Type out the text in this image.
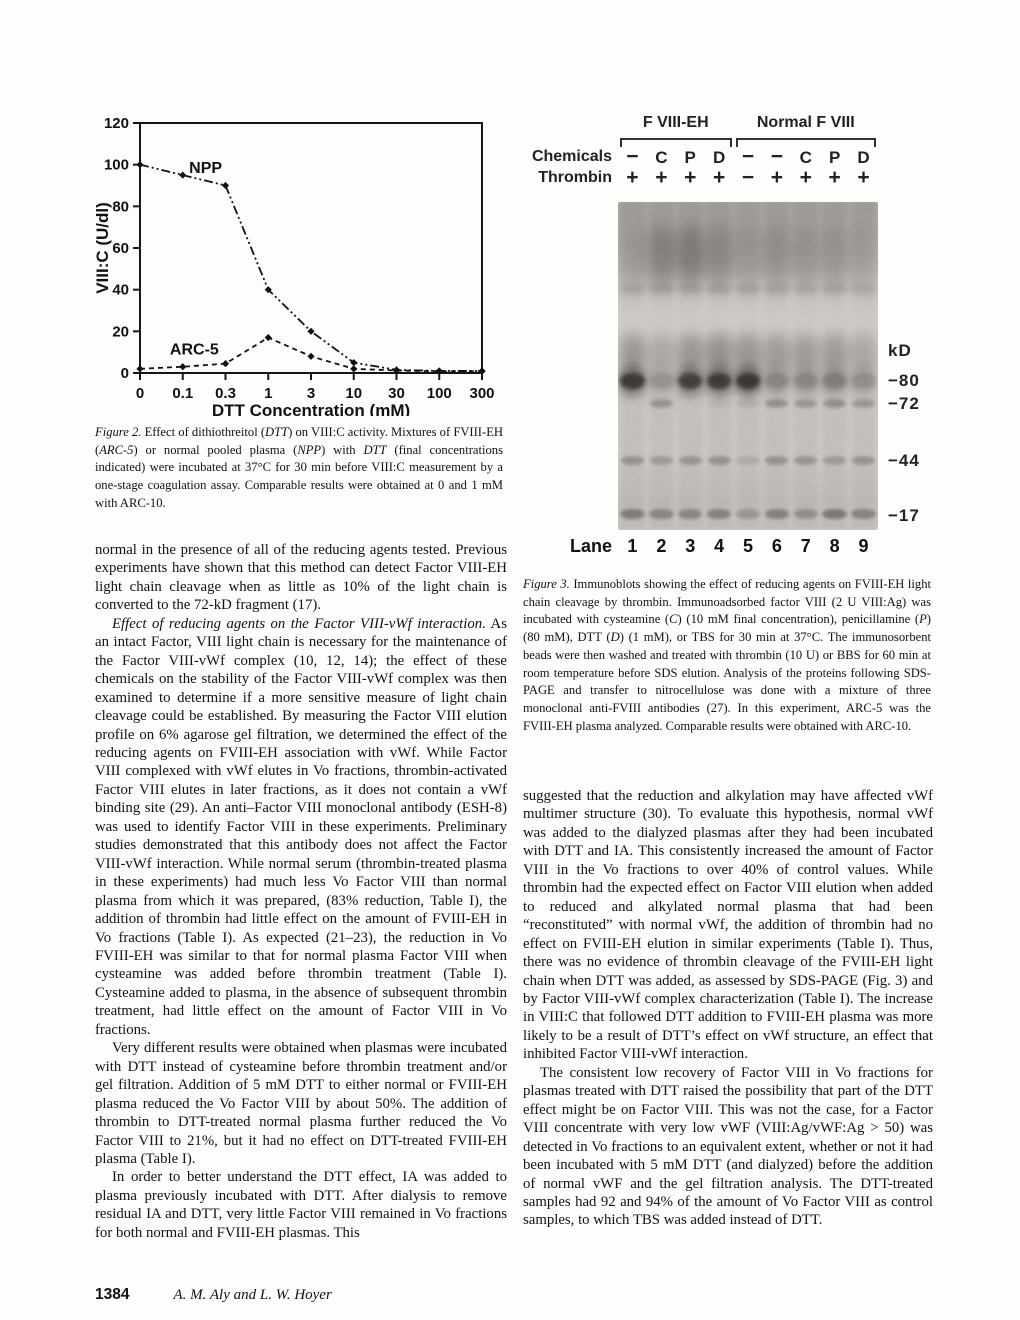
0
20
40
60
80
100
120
0 0.1 0.3 1 3 10 30 100 300
DTT Concentration (mM)
VIII:C (U/dl)
NPP
ARC-5
Figure 2. Effect of dithiothreitol (DTT) on VIII:C activity. Mixtures of FVIII-EH (ARC-5) or normal pooled plasma (NPP) with DTT (final concentrations indicated) were incubated at 37°C for 30 min before VIII:C measurement by a one-stage coagulation assay. Comparable results were obtained at 0 and 1 mM with ARC-10.

normal in the presence of all of the reducing agents tested. Previous experiments have shown that this method can detect Factor VIII-EH light chain cleavage when as little as 10% of the light chain is converted to the 72-kD fragment (17).

Effect of reducing agents on the Factor VIII-vWf interaction. As an intact Factor, VIII light chain is necessary for the maintenance of the Factor VIII-vWf complex (10, 12, 14); the effect of these chemicals on the stability of the Factor VIII-vWf complex was then examined to determine if a more sensitive measure of light chain cleavage could be established. By measuring the Factor VIII elution profile on 6% agarose gel filtration, we determined the effect of the reducing agents on FVIII-EH association with vWf. While Factor VIII complexed with vWf elutes in Vo fractions, thrombin-activated Factor VIII elutes in later fractions, as it does not contain a vWf binding site (29). An anti–Factor VIII monoclonal antibody (ESH-8) was used to identify Factor VIII in these experiments. Preliminary studies demonstrated that this antibody does not affect the Factor VIII-vWf interaction. While normal serum (thrombin-treated plasma in these experiments) had much less Vo Factor VIII than normal plasma from which it was prepared, (83% reduction, Table I), the addition of thrombin had little effect on the amount of FVIII-EH in Vo fractions (Table I). As expected (21–23), the reduction in Vo FVIII-EH was similar to that for normal plasma Factor VIII when cysteamine was added before thrombin treatment (Table I). Cysteamine added to plasma, in the absence of subsequent thrombin treatment, had little effect on the amount of Factor VIII in Vo fractions.

Very different results were obtained when plasmas were incubated with DTT instead of cysteamine before thrombin treatment and/or gel filtration. Addition of 5 mM DTT to either normal or FVIII-EH plasma reduced the Vo Factor VIII by about 50%. The addition of thrombin to DTT-treated normal plasma further reduced the Vo Factor VIII to 21%, but it had no effect on DTT-treated FVIII-EH plasma (Table I).

In order to better understand the DTT effect, IA was added to plasma previously incubated with DTT. After dialysis to remove residual IA and DTT, very little Factor VIII remained in Vo fractions for both normal and FVIII-EH plasmas. This

F VIII-EH	Normal F VIII
Chemicals − C P D − − C P D
Thrombin + + + + − + + + +
kD
−80
−72
−44
−17
Lane 1 2 3 4 5 6 7 8 9
Figure 3. Immunoblots showing the effect of reducing agents on FVIII-EH light chain cleavage by thrombin. Immunoadsorbed factor VIII (2 U VIII:Ag) was incubated with cysteamine (C) (10 mM final concentration), penicillamine (P) (80 mM), DTT (D) (1 mM), or TBS for 30 min at 37°C. The immunosorbent beads were then washed and treated with thrombin (10 U) or BBS for 60 min at room temperature before SDS elution. Analysis of the proteins following SDS-PAGE and transfer to nitrocellulose was done with a mixture of three monoclonal anti-FVIII antibodies (27). In this experiment, ARC-5 was the FVIII-EH plasma analyzed. Comparable results were obtained with ARC-10.

suggested that the reduction and alkylation may have affected vWf multimer structure (30). To evaluate this hypothesis, normal vWf was added to the dialyzed plasmas after they had been incubated with DTT and IA. This consistently increased the amount of Factor VIII in the Vo fractions to over 40% of control values. While thrombin had the expected effect on Factor VIII elution when added to reduced and alkylated normal plasma that had been “reconstituted” with normal vWf, the addition of thrombin had no effect on FVIII-EH elution in similar experiments (Table I). Thus, there was no evidence of thrombin cleavage of the FVIII-EH light chain when DTT was added, as assessed by SDS-PAGE (Fig. 3) and by Factor VIII-vWf complex characterization (Table I). The increase in VIII:C that followed DTT addition to FVIII-EH plasma was more likely to be a result of DTT’s effect on vWf structure, an effect that inhibited Factor VIII-vWf interaction.

The consistent low recovery of Factor VIII in Vo fractions for plasmas treated with DTT raised the possibility that part of the DTT effect might be on Factor VIII. This was not the case, for a Factor VIII concentrate with very low vWF (VIII:Ag/vWF:Ag > 50) was detected in Vo fractions to an equivalent extent, whether or not it had been incubated with 5 mM DTT (and dialyzed) before the addition of normal vWF and the gel filtration analysis. The DTT-treated samples had 92 and 94% of the amount of Vo Factor VIII as control samples, to which TBS was added instead of DTT.

1384	A. M. Aly and L. W. Hoyer
